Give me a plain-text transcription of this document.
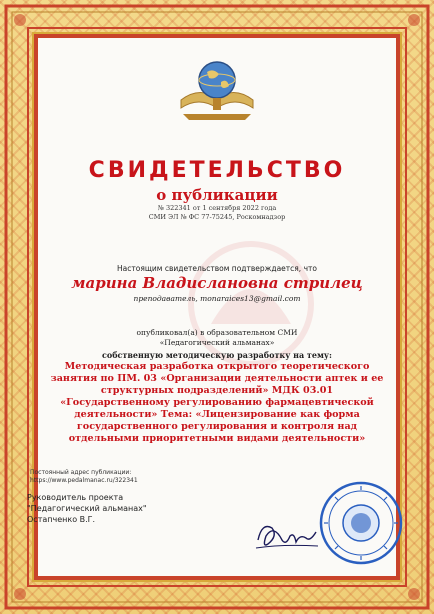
СВИДЕТЕЛЬСТВО
о публикации
№ 322341 от 1 сентября 2022 года
СМИ ЭЛ № ФС 77-75245, Роскомнадзор
Настоящим свидетельством подтверждается, что
марина Владислановна стрилец
преподаватель, monaraices13@gmail.com
опубликовал(а) в образовательном СМИ
«Педагогический альманах»
собственную методическую разработку на тему:
Методическая разработка открытого теоретического занятия по ПМ. 03 «Организации деятельности аптек и ее структурных подразделений» МДК 03.01 «Государственному регулированию фармацевтической деятельности» Тема: «Лицензирование как форма государственного регулирования и контроля над отдельными приоритетными видами деятельности»
Постоянный адрес публикации:
https://www.pedalmanac.ru/322341
Руководитель проекта
"Педагогический альманах"
Остапченко В.Г.
